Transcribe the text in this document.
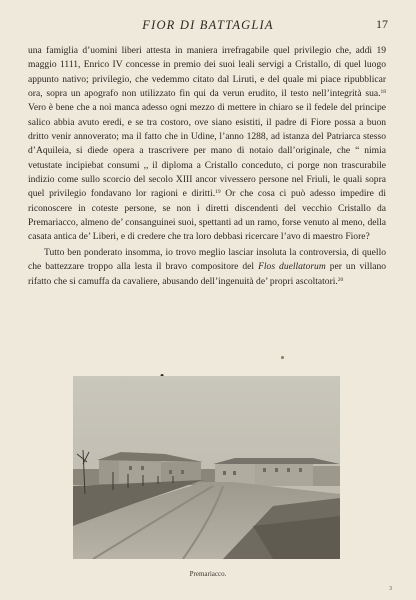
FIOR DI BATTAGLIA	17

una famiglia d’uomini liberi attesta in maniera irrefragabile quel privilegio che, addì 19 maggio 1111, Enrico IV concesse in premio dei suoi leali servigi a Cristallo, di quel luogo appunto nativo; privilegio, che vedemmo citato dal Liruti, e del quale mi piace ripubblicar ora, sopra un apografo non utilizzato fin qui da verun erudito, il testo nell’integrità sua.$^{18}$ Vero è bene che a noi manca adesso ogni mezzo di mettere in chiaro se il fedele del principe salico abbia avuto eredi, e se tra costoro, ove siano esistiti, il padre di Fiore possa a buon dritto venir annoverato; ma il fatto che in Udine, l’anno 1288, ad istanza del Patriarca stesso d’Aquileia, si diede opera a trascrivere per mano di notaio dall’originale, che “ nimia vetustate incipiebat consumi ,, il diploma a Cristallo conceduto, ci porge non trascurabile indizio come sullo scorcio del secolo XIII ancor vivessero persone nel Friuli, le quali sopra quel privilegio fondavano lor ragioni e diritti.$^{19}$ Or che cosa ci può adesso impedire di riconoscere in coteste persone, se non i diretti discendenti del vecchio Cristallo da Premariacco, almeno de’ consanguinei suoi, spettanti ad un ramo, forse venuto al meno, della casata antica de’ Liberi, e di credere che tra loro debbasi ricercare l’avo di maestro Fiore?

Tutto ben ponderato insomma, io trovo meglio lasciar insoluta la controversia, di quello che battezzare troppo alla lesta il bravo compositore del Flos duellatorum per un villano rifatto che si camuffa da cavaliere, abusando dell’ingenuità de’ propri ascoltatori.$^{20}$

Premariacco.
3
